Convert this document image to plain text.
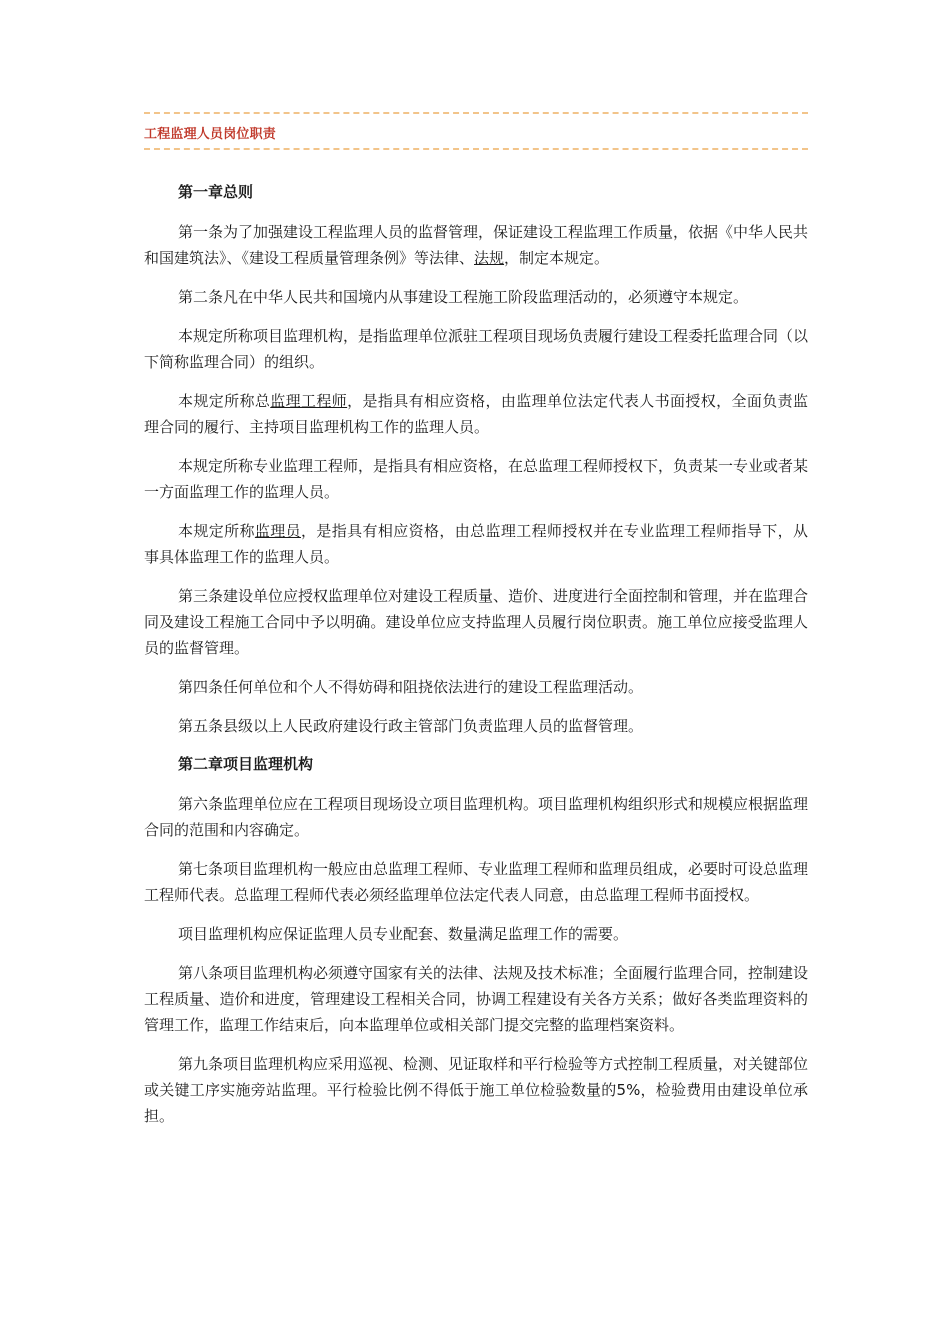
工程监理人员岗位职责

第一章总则

第一条为了加强建设工程监理人员的监督管理，保证建设工程监理工作质量，依据《中华人民共和国建筑法》、《建设工程质量管理条例》等法律、法规，制定本规定。

第二条凡在中华人民共和国境内从事建设工程施工阶段监理活动的，必须遵守本规定。

本规定所称项目监理机构，是指监理单位派驻工程项目现场负责履行建设工程委托监理合同（以下简称监理合同）的组织。

本规定所称总监理工程师，是指具有相应资格，由监理单位法定代表人书面授权，全面负责监理合同的履行、主持项目监理机构工作的监理人员。

本规定所称专业监理工程师，是指具有相应资格，在总监理工程师授权下，负责某一专业或者某一方面监理工作的监理人员。

本规定所称监理员，是指具有相应资格，由总监理工程师授权并在专业监理工程师指导下，从事具体监理工作的监理人员。

第三条建设单位应授权监理单位对建设工程质量、造价、进度进行全面控制和管理，并在监理合同及建设工程施工合同中予以明确。建设单位应支持监理人员履行岗位职责。施工单位应接受监理人员的监督管理。

第四条任何单位和个人不得妨碍和阻挠依法进行的建设工程监理活动。

第五条县级以上人民政府建设行政主管部门负责监理人员的监督管理。

第二章项目监理机构

第六条监理单位应在工程项目现场设立项目监理机构。项目监理机构组织形式和规模应根据监理合同的范围和内容确定。

第七条项目监理机构一般应由总监理工程师、专业监理工程师和监理员组成，必要时可设总监理工程师代表。总监理工程师代表必须经监理单位法定代表人同意，由总监理工程师书面授权。

项目监理机构应保证监理人员专业配套、数量满足监理工作的需要。

第八条项目监理机构必须遵守国家有关的法律、法规及技术标准；全面履行监理合同，控制建设工程质量、造价和进度，管理建设工程相关合同，协调工程建设有关各方关系；做好各类监理资料的管理工作，监理工作结束后，向本监理单位或相关部门提交完整的监理档案资料。

第九条项目监理机构应采用巡视、检测、见证取样和平行检验等方式控制工程质量，对关键部位或关键工序实施旁站监理。平行检验比例不得低于施工单位检验数量的5%，检验费用由建设单位承担。
